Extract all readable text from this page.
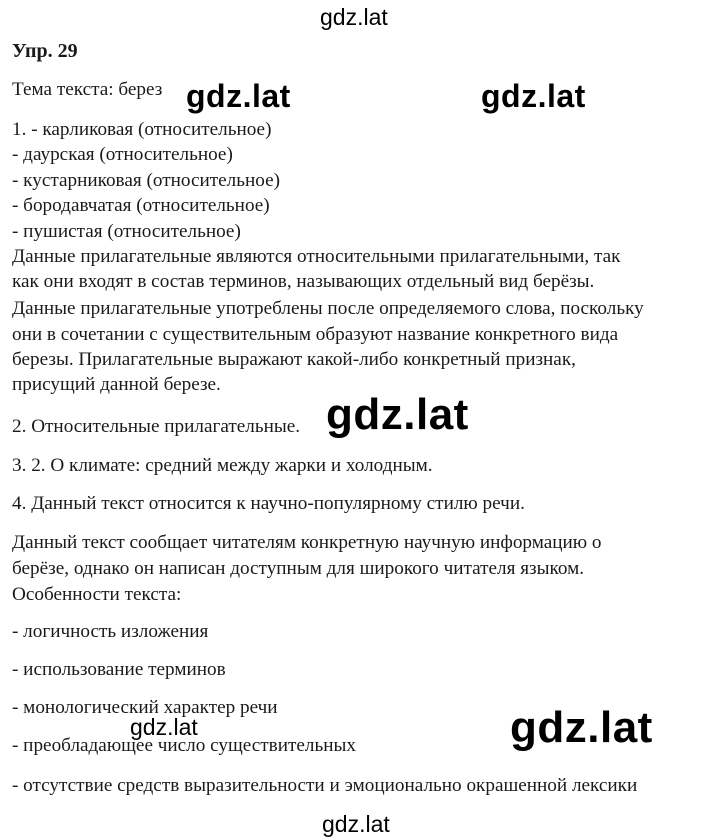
gdz.lat
Упр. 29
Тема текста: берез
1. - карликовая (относительное)
- даурская (относительное)
- кустарниковая (относительное)
- бородавчатая (относительное)
- пушистая (относительное)
Данные прилагательные являются относительными прилагательными, так
как они входят в состав терминов, называющих отдельный вид берёзы.
Данные прилагательные употреблены после определяемого слова, поскольку
они в сочетании с существительным образуют название конкретного вида
березы. Прилагательные выражают какой-либо конкретный признак,
присущий данной березе.
2. Относительные прилагательные.
3. 2. О климате: средний между жарки и холодным.
4. Данный текст относится к научно-популярному стилю речи.
Данный текст сообщает читателям конкретную научную информацию о
берёзе, однако он написан доступным для широкого читателя языком.
Особенности текста:
- логичность изложения
- использование терминов
- монологический характер речи
- преобладающее число существительных
- отсутствие средств выразительности и эмоционально окрашенной лексики
gdz.lat	gdz.lat
gdz.lat
gdz.lat	gdz.lat
gdz.lat
